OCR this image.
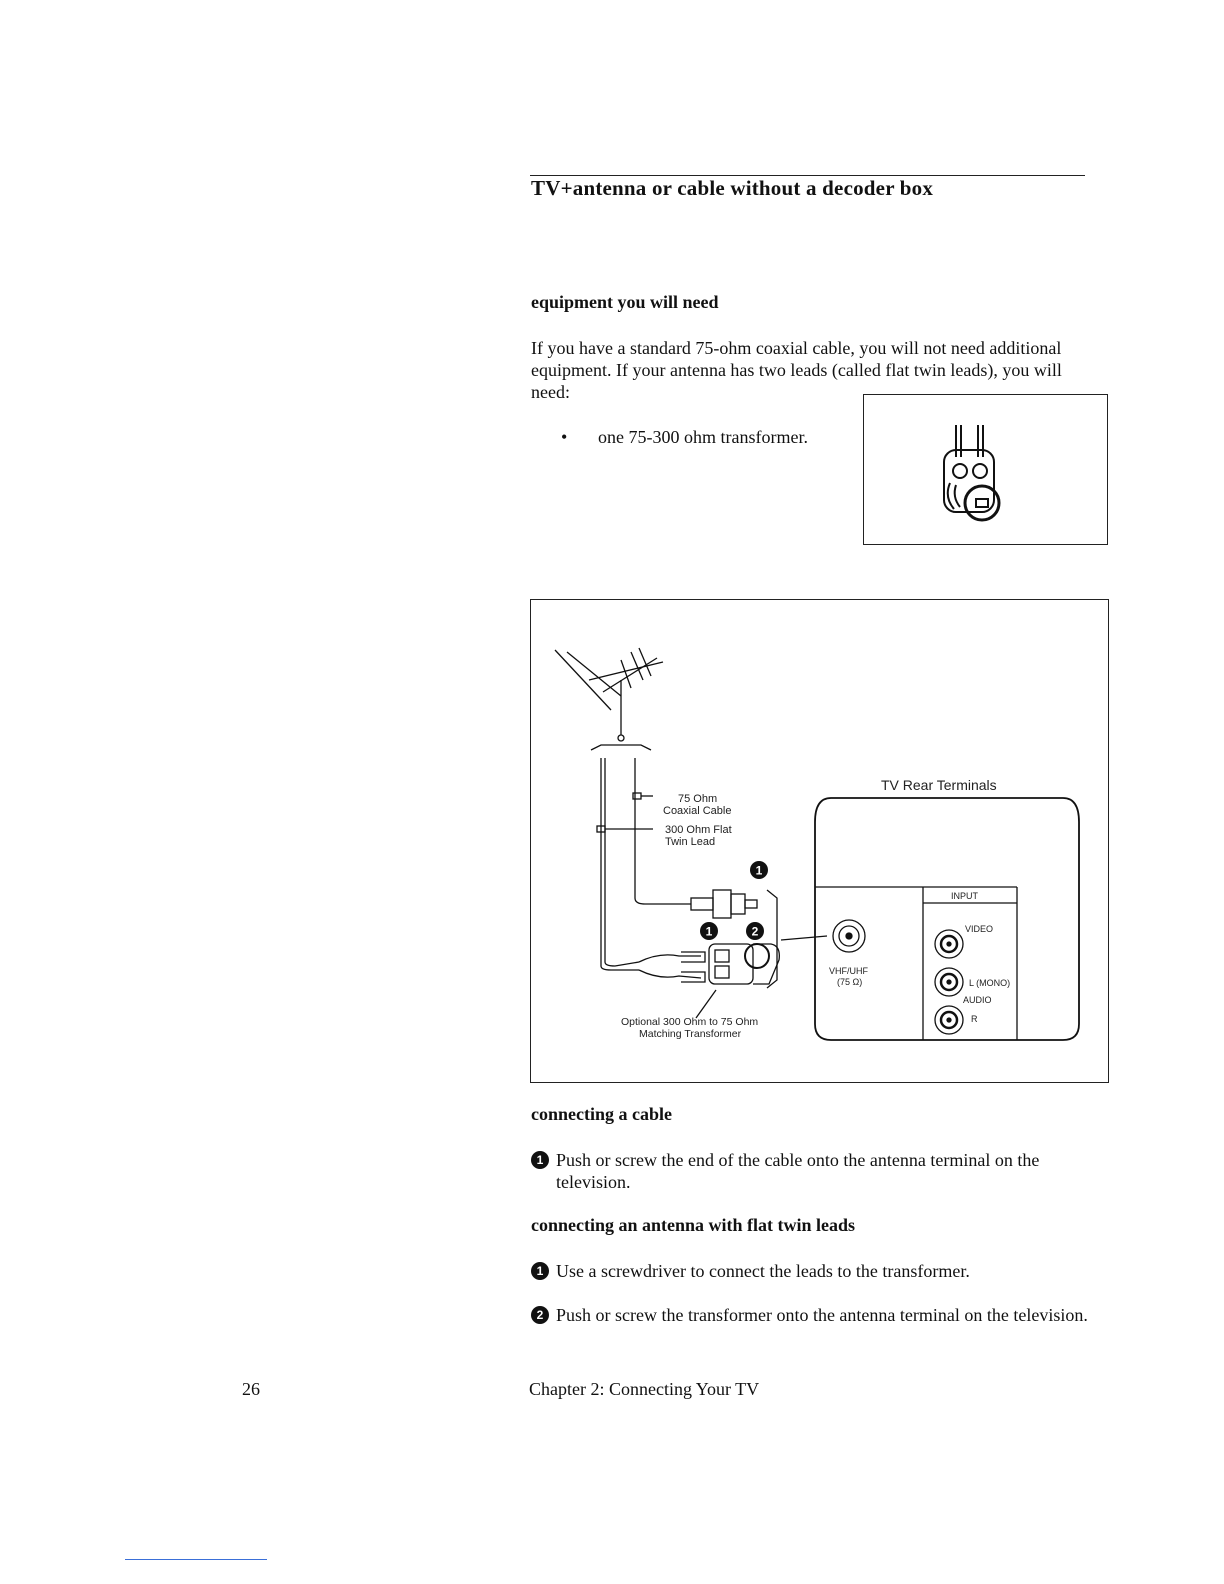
TV+antenna or cable without a decoder box
equipment you will need
If you have a standard 75-ohm coaxial cable, you will not need additional equipment. If your antenna has two leads (called flat twin leads), you will need:
• one 75-300 ohm transformer.
1
1	2
75 Ohm
Coaxial Cable
300 Ohm Flat
Twin Lead
Optional 300 Ohm to 75 Ohm
Matching Transformer
TV Rear Terminals
INPUT
VIDEO
VHF/UHF
(75 Ω)	L (MONO)
AUDIO
R
connecting a cable
1 Push or screw the end of the cable onto the antenna terminal on the television.
connecting an antenna with flat twin leads
1 Use a screwdriver to connect the leads to the transformer.
2 Push or screw the transformer onto the antenna terminal on the television.
26	Chapter 2: Connecting Your TV
